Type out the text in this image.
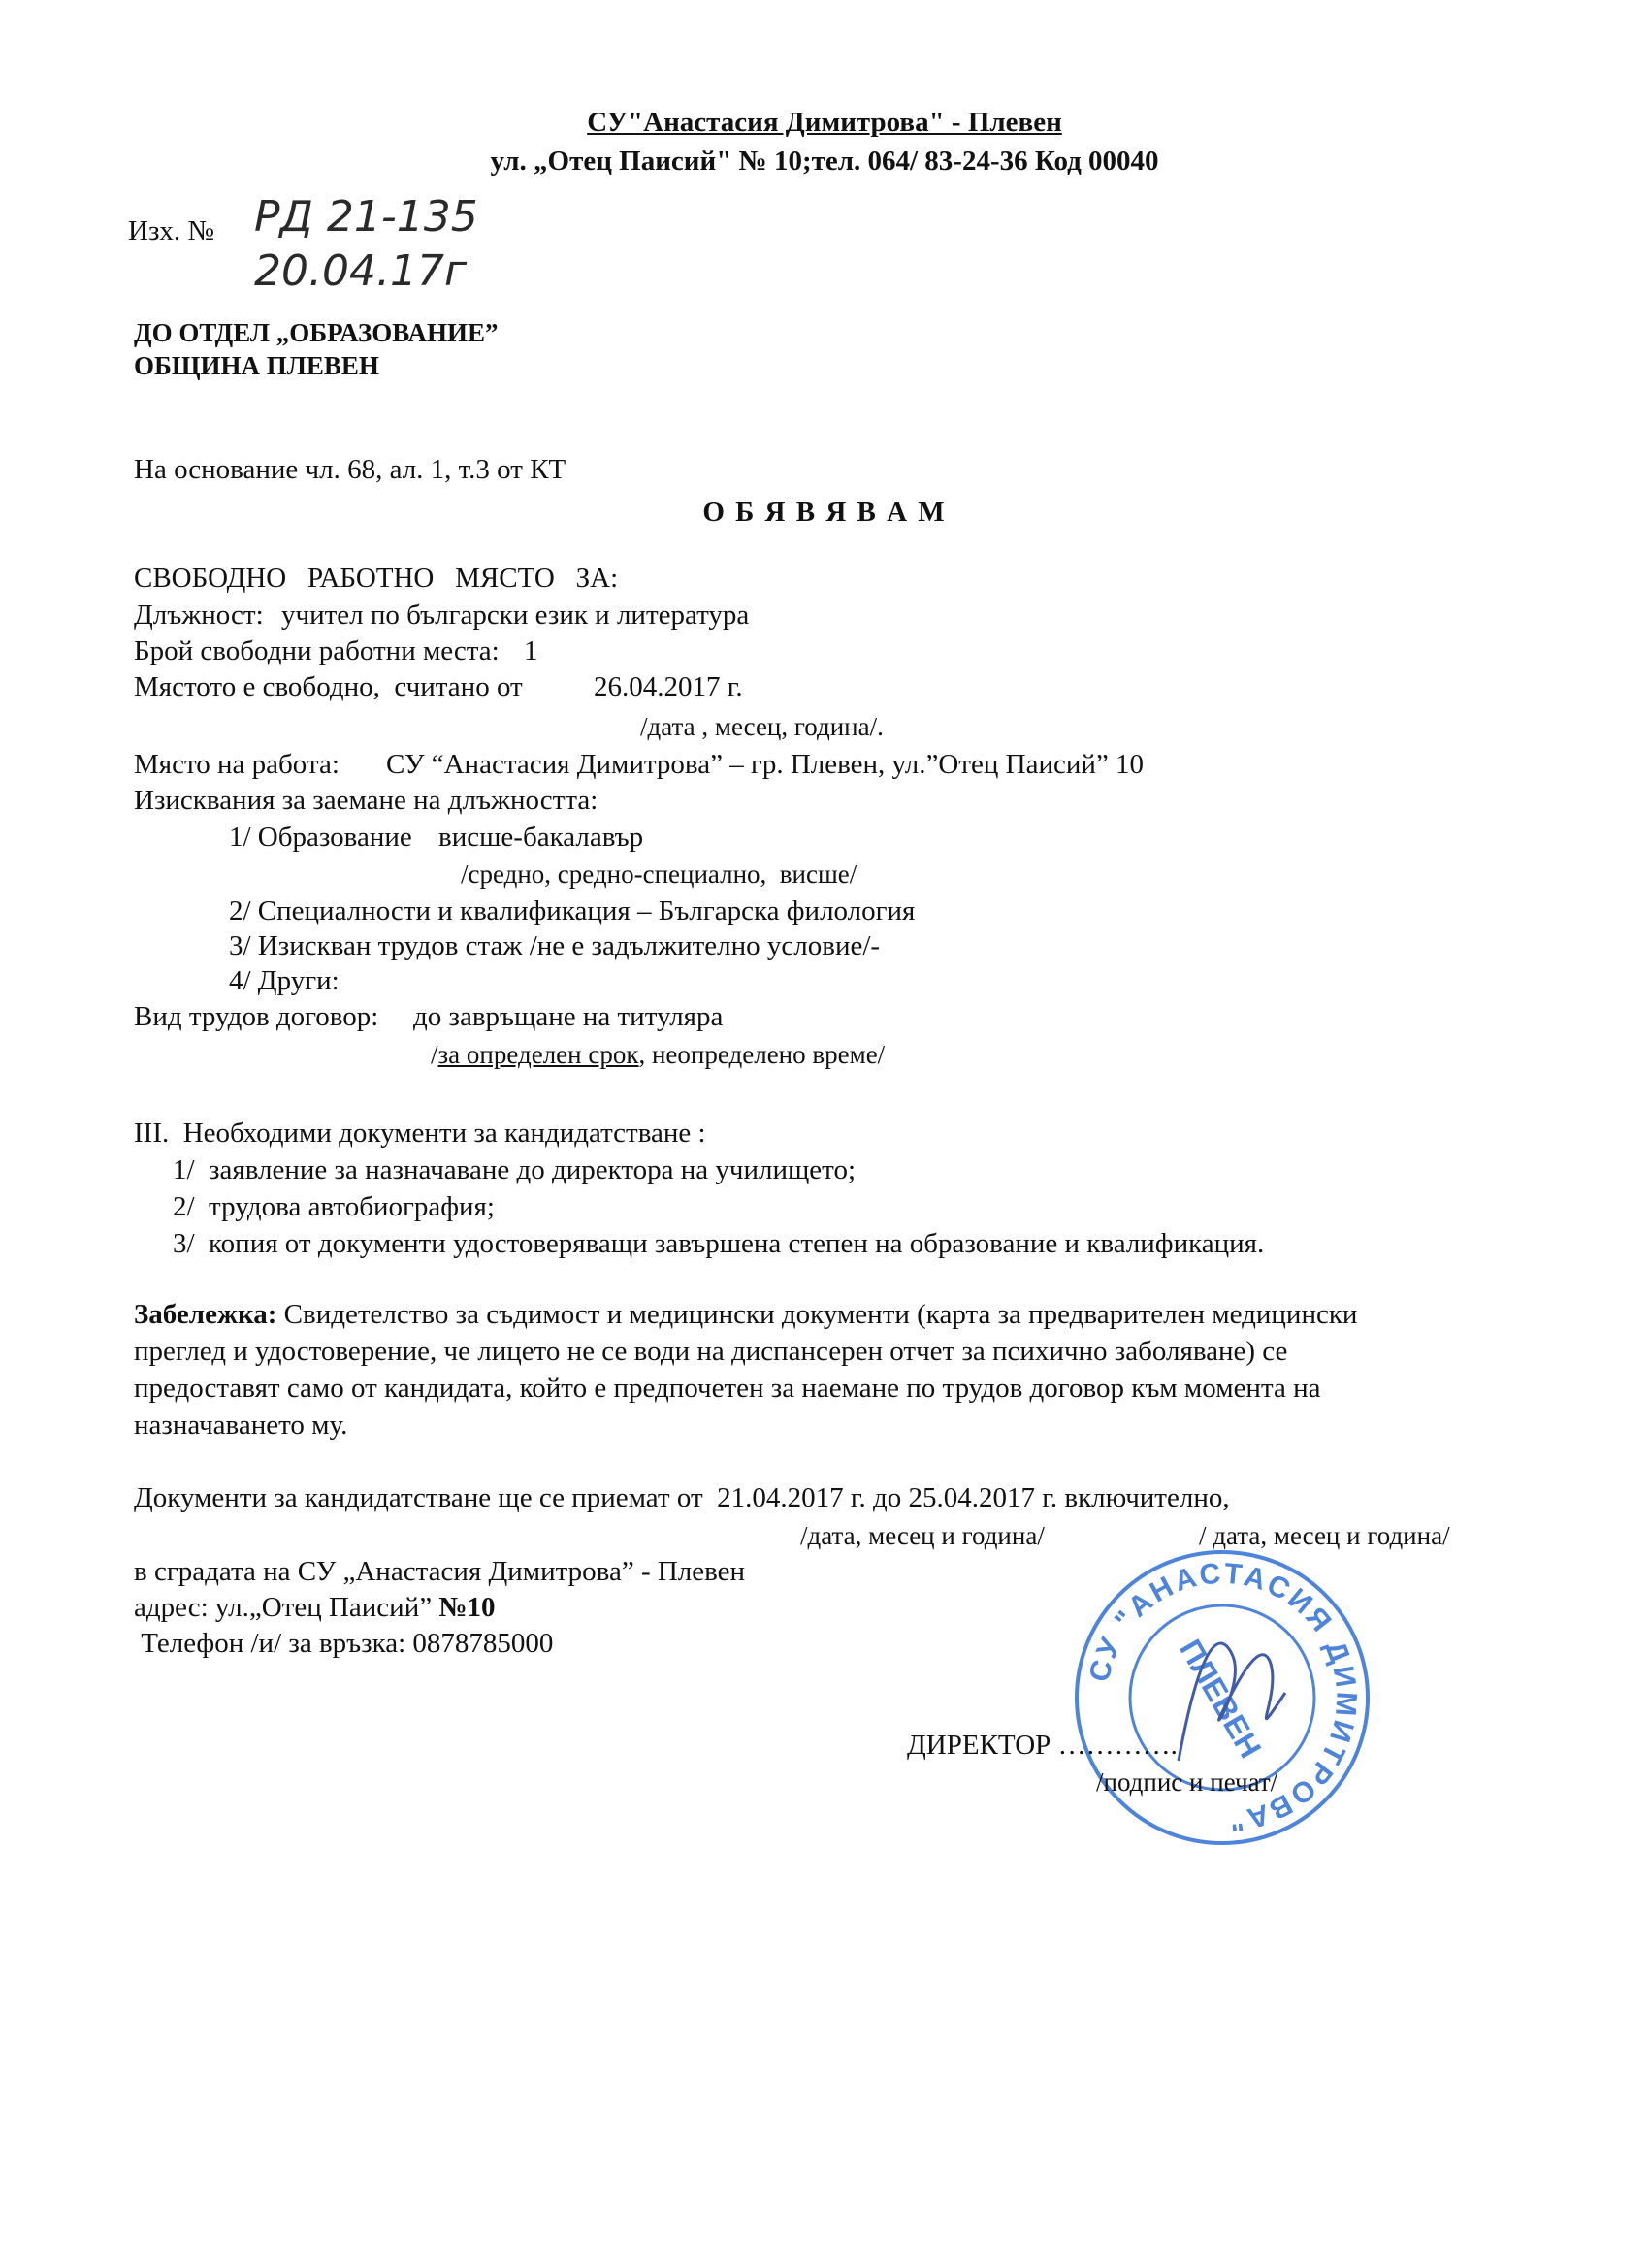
СУ"Анастасия Димитрова" - Плевен
ул. „Отец Паисий" № 10;тел. 064/ 83-24-36 Код 00040
Изх. № РД 21-135
20.04.17г
ДО ОТДЕЛ „ОБРАЗОВАНИЕ”
ОБЩИНА ПЛЕВЕН
На основание чл. 68, ал. 1, т.3 от КТ
О Б Я В Я В А М
СВОБОДНО   РАБОТНО   МЯСТО   ЗА:
Длъжност: учител по български език и литература
Брой свободни работни места: 1
Мястото е свободно,  считано от	26.04.2017 г.
/дата , месец, година/.
Място на работа: СУ “Анастасия Димитрова” – гр. Плевен, ул.”Отец Паисий” 10
Изисквания за заемане на длъжността:
1/ Образование висше-бакалавър
/средно, средно-специално,  висше/
2/ Специалности и квалификация – Българска филология
3/ Изискван трудов стаж /не е задължително условие/-
4/ Други:
Вид трудов договор: до завръщане на титуляра
/за определен срок, неопределено време/
III.  Необходими документи за кандидатстване :
1/  заявление за назначаване до директора на училището;
2/  трудова автобиография;
3/  копия от документи удостоверяващи завършена степен на образование и квалификация.
Забележка: Свидетелство за съдимост и медицински документи (карта за предварителен медицински
преглед и удостоверение, че лицето не се води на диспансерен отчет за психично заболяване) се
предоставят само от кандидата, който е предпочетен за наемане по трудов договор към момента на
назначаването му.
Документи за кандидатстване ще се приемат от  21.04.2017 г. до 25.04.2017 г. включително,
/дата, месец и година/	/ дата, месец и година/
в сградата на СУ „Анастасия Димитрова” - Плевен
адрес: ул.„Отец Паисий” №10
Телефон /и/ за връзка: 0878785000
СУ "АНАСТАСИЯ ДИМИТРОВА"
ПЛЕВЕН
ДИРЕКТОР ………….
/подпис и печат/
